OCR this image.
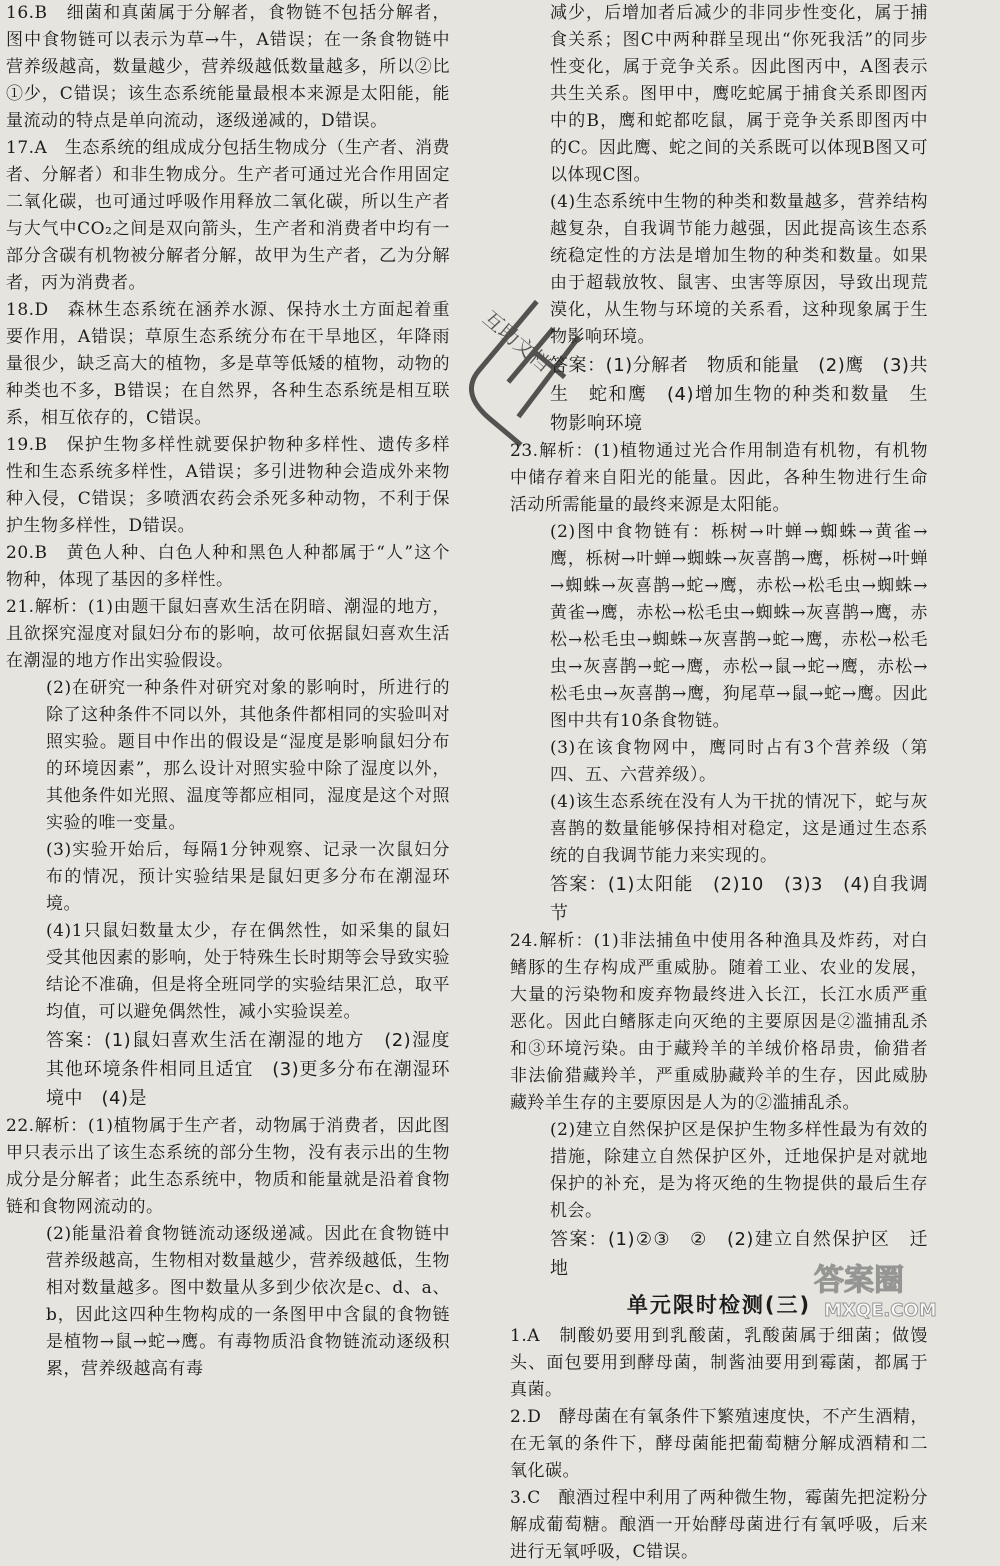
16.B　细菌和真菌属于分解者，食物链不包括分解者，图中食物链可以表示为草→牛，A错误；在一条食物链中营养级越高，数量越少，营养级越低数量越多，所以②比①少，C错误；该生态系统能量最根本来源是太阳能，能量流动的特点是单向流动，逐级递减的，D错误。
17.A　生态系统的组成成分包括生物成分（生产者、消费者、分解者）和非生物成分。生产者可通过光合作用固定二氧化碳，也可通过呼吸作用释放二氧化碳，所以生产者与大气中CO₂之间是双向箭头，生产者和消费者中均有一部分含碳有机物被分解者分解，故甲为生产者，乙为分解者，丙为消费者。
18.D　森林生态系统在涵养水源、保持水土方面起着重要作用，A错误；草原生态系统分布在干旱地区，年降雨量很少，缺乏高大的植物，多是草等低矮的植物，动物的种类也不多，B错误；在自然界，各种生态系统是相互联系，相互依存的，C错误。
19.B　保护生物多样性就要保护物种多样性、遗传多样性和生态系统多样性，A错误；多引进物种会造成外来物种入侵，C错误；多喷洒农药会杀死多种动物，不利于保护生物多样性，D错误。
20.B　黄色人种、白色人种和黑色人种都属于“人”这个物种，体现了基因的多样性。
21.解析：(1)由题干鼠妇喜欢生活在阴暗、潮湿的地方，且欲探究湿度对鼠妇分布的影响，故可依据鼠妇喜欢生活在潮湿的地方作出实验假设。
(2)在研究一种条件对研究对象的影响时，所进行的除了这种条件不同以外，其他条件都相同的实验叫对照实验。题目中作出的假设是“湿度是影响鼠妇分布的环境因素”，那么设计对照实验中除了湿度以外，其他条件如光照、温度等都应相同，湿度是这个对照实验的唯一变量。
(3)实验开始后，每隔1分钟观察、记录一次鼠妇分布的情况，预计实验结果是鼠妇更多分布在潮湿环境。
(4)1只鼠妇数量太少，存在偶然性，如采集的鼠妇受其他因素的影响，处于特殊生长时期等会导致实验结论不准确，但是将全班同学的实验结果汇总，取平均值，可以避免偶然性，减小实验误差。
答案：(1)鼠妇喜欢生活在潮湿的地方　(2)湿度　其他环境条件相同且适宜　(3)更多分布在潮湿环境中　(4)是
22.解析：(1)植物属于生产者，动物属于消费者，因此图甲只表示出了该生态系统的部分生物，没有表示出的生物成分是分解者；此生态系统中，物质和能量就是沿着食物链和食物网流动的。
(2)能量沿着食物链流动逐级递减。因此在食物链中营养级越高，生物相对数量越少，营养级越低，生物相对数量越多。图中数量从多到少依次是c、d、a、b，因此这四种生物构成的一条图甲中含鼠的食物链是植物→鼠→蛇→鹰。有毒物质沿食物链流动逐级积累，营养级越高有毒
减少，后增加者后减少的非同步性变化，属于捕食关系；图C中两种群呈现出“你死我活”的同步性变化，属于竞争关系。因此图丙中，A图表示共生关系。图甲中，鹰吃蛇属于捕食关系即图丙中的B，鹰和蛇都吃鼠，属于竞争关系即图丙中的C。因此鹰、蛇之间的关系既可以体现B图又可以体现C图。
(4)生态系统中生物的种类和数量越多，营养结构越复杂，自我调节能力越强，因此提高该生态系统稳定性的方法是增加生物的种类和数量。如果由于超载放牧、鼠害、虫害等原因，导致出现荒漠化，从生物与环境的关系看，这种现象属于生物影响环境。
答案：(1)分解者　物质和能量　(2)鹰　(3)共生　蛇和鹰　(4)增加生物的种类和数量　生物影响环境
23.解析：(1)植物通过光合作用制造有机物，有机物中储存着来自阳光的能量。因此，各种生物进行生命活动所需能量的最终来源是太阳能。
(2)图中食物链有：栎树→叶蝉→蜘蛛→黄雀→鹰，栎树→叶蝉→蜘蛛→灰喜鹊→鹰，栎树→叶蝉→蜘蛛→灰喜鹊→蛇→鹰，赤松→松毛虫→蜘蛛→黄雀→鹰，赤松→松毛虫→蜘蛛→灰喜鹊→鹰，赤松→松毛虫→蜘蛛→灰喜鹊→蛇→鹰，赤松→松毛虫→灰喜鹊→蛇→鹰，赤松→鼠→蛇→鹰，赤松→松毛虫→灰喜鹊→鹰，狗尾草→鼠→蛇→鹰。因此图中共有10条食物链。
(3)在该食物网中，鹰同时占有3个营养级（第四、五、六营养级）。
(4)该生态系统在没有人为干扰的情况下，蛇与灰喜鹊的数量能够保持相对稳定，这是通过生态系统的自我调节能力来实现的。
答案：(1)太阳能　(2)10　(3)3　(4)自我调节
24.解析：(1)非法捕鱼中使用各种渔具及炸药，对白鳍豚的生存构成严重威胁。随着工业、农业的发展，大量的污染物和废弃物最终进入长江，长江水质严重恶化。因此白鳍豚走向灭绝的主要原因是②滥捕乱杀和③环境污染。由于藏羚羊的羊绒价格昂贵，偷猎者非法偷猎藏羚羊，严重威胁藏羚羊的生存，因此威胁藏羚羊生存的主要原因是人为的②滥捕乱杀。
(2)建立自然保护区是保护生物多样性最为有效的措施，除建立自然保护区外，迁地保护是对就地保护的补充，是为将灭绝的生物提供的最后生存机会。
答案：(1)②③　②　(2)建立自然保护区　迁地
单元限时检测(三)
1.A　制酸奶要用到乳酸菌，乳酸菌属于细菌；做馒头、面包要用到酵母菌，制酱油要用到霉菌，都属于真菌。
2.D　酵母菌在有氧条件下繁殖速度快，不产生酒精，在无氧的条件下，酵母菌能把葡萄糖分解成酒精和二氧化碳。
3.C　酿酒过程中利用了两种微生物，霉菌先把淀粉分解成葡萄糖。酿酒一开始酵母菌进行有氧呼吸，后来进行无氧呼吸，C错误。
互助文档
答案圈
MXQE.COM
